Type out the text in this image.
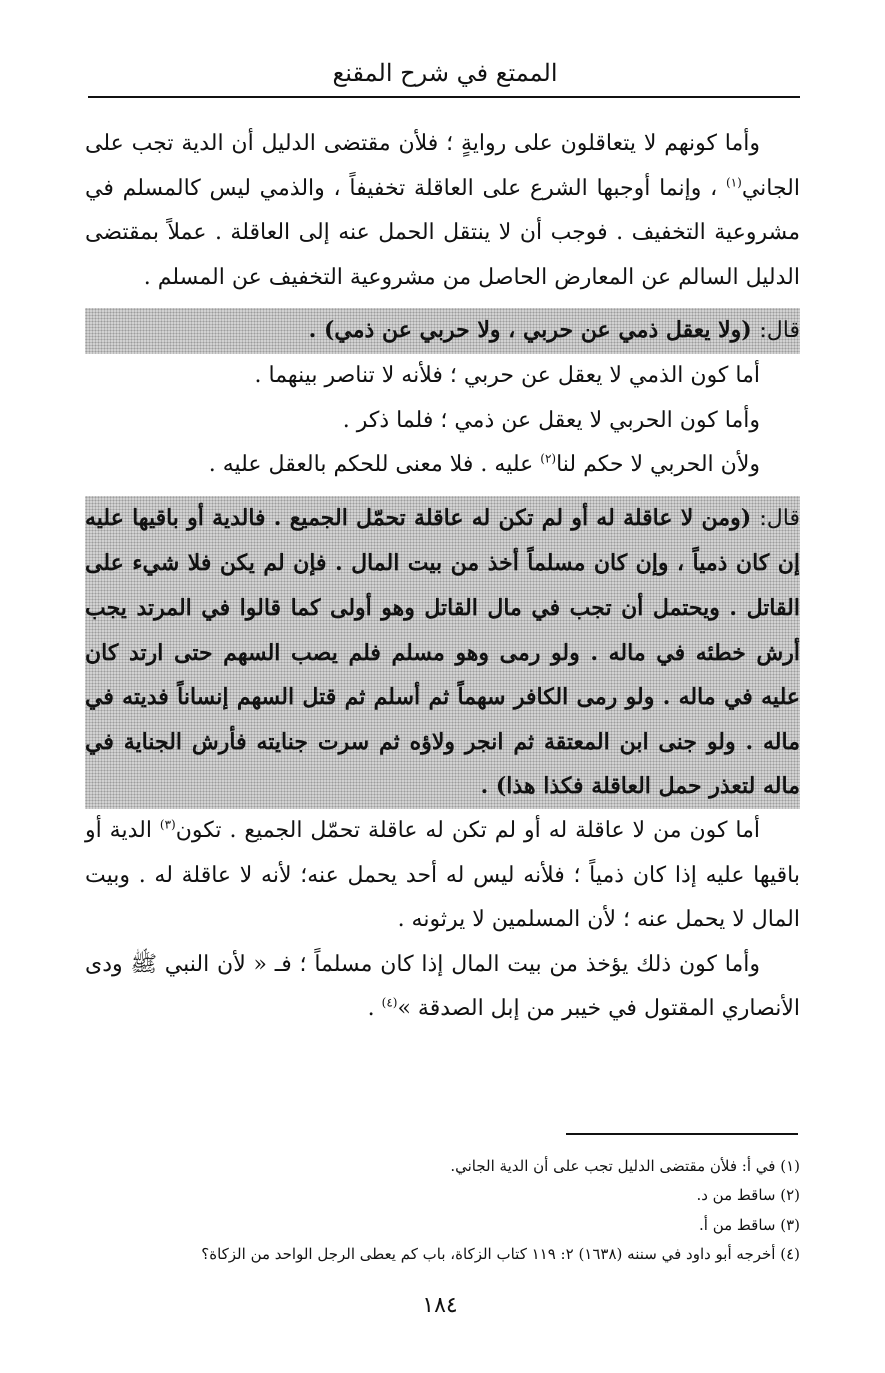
الممتع في شرح المقنع

وأما كونهم لا يتعاقلون على روايةٍ ؛ فلأن مقتضى الدليل أن الدية تجب على الجاني$^{(١)}$ ، وإنما أوجبها الشرع على العاقلة تخفيفاً ، والذمي ليس كالمسلم في مشروعية التخفيف . فوجب أن لا ينتقل الحمل عنه إلى العاقلة . عملاً بمقتضى الدليل السالم عن المعارض الحاصل من مشروعية التخفيف عن المسلم .

قال: (ولا يعقل ذمي عن حربي ، ولا حربي عن ذمي) .

أما كون الذمي لا يعقل عن حربي ؛ فلأنه لا تناصر بينهما .

وأما كون الحربي لا يعقل عن ذمي ؛ فلما ذكر .

ولأن الحربي لا حكم لنا$^{(٢)}$ عليه . فلا معنى للحكم بالعقل عليه .

قال: (ومن لا عاقلة له أو لم تكن له عاقلة تحمّل الجميع . فالدية أو باقيها عليه إن كان ذمياً ، وإن كان مسلماً أخذ من بيت المال . فإن لم يكن فلا شيء على القاتل . ويحتمل أن تجب في مال القاتل وهو أولى كما قالوا في المرتد يجب أرش خطئه في ماله . ولو رمى وهو مسلم فلم يصب السهم حتى ارتد كان عليه في ماله . ولو رمى الكافر سهماً ثم أسلم ثم قتل السهم إنساناً فديته في ماله . ولو جنى ابن المعتقة ثم انجر ولاؤه ثم سرت جنايته فأرش الجناية في ماله لتعذر حمل العاقلة فكذا هذا) .

أما كون من لا عاقلة له أو لم تكن له عاقلة تحمّل الجميع . تكون$^{(٣)}$ الدية أو باقيها عليه إذا كان ذمياً ؛ فلأنه ليس له أحد يحمل عنه؛ لأنه لا عاقلة له . وبيت المال لا يحمل عنه ؛ لأن المسلمين لا يرثونه .

وأما كون ذلك يؤخذ من بيت المال إذا كان مسلماً ؛ فـ « لأن النبي ﷺ ودى الأنصاري المقتول في خيبر من إبل الصدقة »$^{(٤)}$ .

(١) في أ: فلأن مقتضى الدليل تجب على أن الدية الجاني.

(٢) ساقط من د.

(٣) ساقط من أ.

(٤) أخرجه أبو داود في سننه (١٦٣٨) ٢: ١١٩ كتاب الزكاة، باب كم يعطى الرجل الواحد من الزكاة؟

١٨٤
